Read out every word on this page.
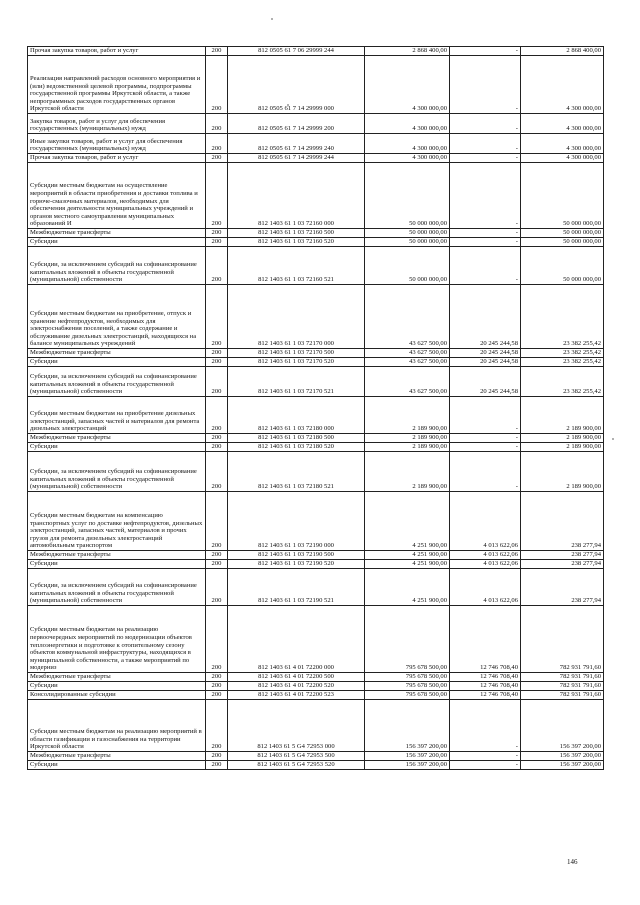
Прочая закупка товаров, работ и услуг	200	812 0505 61 7 06 29999 244	2 868 400,00	-	2 868 400,00
Реализация направлений расходов основного мероприятия и (или) ведомственной целевой программы, подпрограммы государственной программы Иркутской области, а также непрограммных расходов государственных органов Иркутской области	200	812 0505 61 7 14 29999 000	4 300 000,00	-	4 300 000,00
Закупка товаров, работ и услуг для обеспечения государственных (муниципальных) нужд	200	812 0505 61 7 14 29999 200	4 300 000,00	-	4 300 000,00
Иные закупки товаров, работ и услуг для обеспечения государственных (муниципальных) нужд	200	812 0505 61 7 14 29999 240	4 300 000,00	-	4 300 000,00
Прочая закупка товаров, работ и услуг	200	812 0505 61 7 14 29999 244	4 300 000,00	-	4 300 000,00
Субсидии местным бюджетам на осуществление мероприятий в области приобретения и доставки топлива и горюче-смазочных материалов, необходимых для обеспечения деятельности муниципальных учреждений и органов местного самоуправления муниципальных образований И	200	812 1403 61 1 03 72160 000	50 000 000,00	-	50 000 000,00
Межбюджетные трансферты	200	812 1403 61 1 03 72160 500	50 000 000,00	-	50 000 000,00
Субсидии	200	812 1403 61 1 03 72160 520	50 000 000,00	-	50 000 000,00
Субсидии, за исключением субсидий на софинансирование капитальных вложений в объекты государственной (муниципальной) собственности	200	812 1403 61 1 03 72160 521	50 000 000,00	-	50 000 000,00
Субсидии местным бюджетам на приобретение, отпуск и хранение нефтепродуктов, необходимых для электроснабжения поселений, а также содержание и обслуживание дизельных электростанций, находящихся на балансе муниципальных учреждений	200	812 1403 61 1 03 72170 000	43 627 500,00	20 245 244,58	23 382 255,42
Межбюджетные трансферты	200	812 1403 61 1 03 72170 500	43 627 500,00	20 245 244,58	23 382 255,42
Субсидии	200	812 1403 61 1 03 72170 520	43 627 500,00	20 245 244,58	23 382 255,42
Субсидии, за исключением субсидий на софинансирование капитальных вложений в объекты государственной (муниципальной) собственности	200	812 1403 61 1 03 72170 521	43 627 500,00	20 245 244,58	23 382 255,42
Субсидии местным бюджетам на приобретение дизельных электростанций, запасных частей и материалов для ремонта дизельных электростанций	200	812 1403 61 1 03 72180 000	2 189 900,00	-	2 189 900,00
Межбюджетные трансферты	200	812 1403 61 1 03 72180 500	2 189 900,00	-	2 189 900,00
Субсидии	200	812 1403 61 1 03 72180 520	2 189 900,00	-	2 189 900,00
Субсидии, за исключением субсидий на софинансирование капитальных вложений в объекты государственной (муниципальной) собственности	200	812 1403 61 1 03 72180 521	2 189 900,00	-	2 189 900,00
Субсидии местным бюджетам на компенсацию транспортных услуг по доставке нефтепродуктов, дизельных электростанций, запасных частей, материалов и прочих грузов для ремонта дизельных электростанций автомобильным транспортом	200	812 1403 61 1 03 72190 000	4 251 900,00	4 013 622,06	238 277,94
Межбюджетные трансферты	200	812 1403 61 1 03 72190 500	4 251 900,00	4 013 622,06	238 277,94
Субсидии	200	812 1403 61 1 03 72190 520	4 251 900,00	4 013 622,06	238 277,94
Субсидии, за исключением субсидий на софинансирование капитальных вложений в объекты государственной (муниципальной) собственности	200	812 1403 61 1 03 72190 521	4 251 900,00	4 013 622,06	238 277,94
Субсидии местным бюджетам на реализацию первоочередных мероприятий по модернизации объектов теплоэнергетики и подготовке к отопительному сезону объектов коммунальной инфраструктуры, находящихся в муниципальной собственности, а также мероприятий по модерниз	200	812 1403 61 4 01 72200 000	795 678 500,00	12 746 708,40	782 931 791,60
Межбюджетные трансферты	200	812 1403 61 4 01 72200 500	795 678 500,00	12 746 708,40	782 931 791,60
Субсидии	200	812 1403 61 4 01 72200 520	795 678 500,00	12 746 708,40	782 931 791,60
Консолидированные субсидии	200	812 1403 61 4 01 72200 523	795 678 500,00	12 746 708,40	782 931 791,60
Субсидии местным бюджетам на реализацию мероприятий в области газификации и газоснабжения на территории Иркутской области	200	812 1403 61 5 G4 72953 000	156 397 200,00	-	156 397 200,00
Межбюджетные трансферты	200	812 1403 61 5 G4 72953 500	156 397 200,00	-	156 397 200,00
Субсидии	200	812 1403 61 5 G4 72953 520	156 397 200,00	-	156 397 200,00
146
